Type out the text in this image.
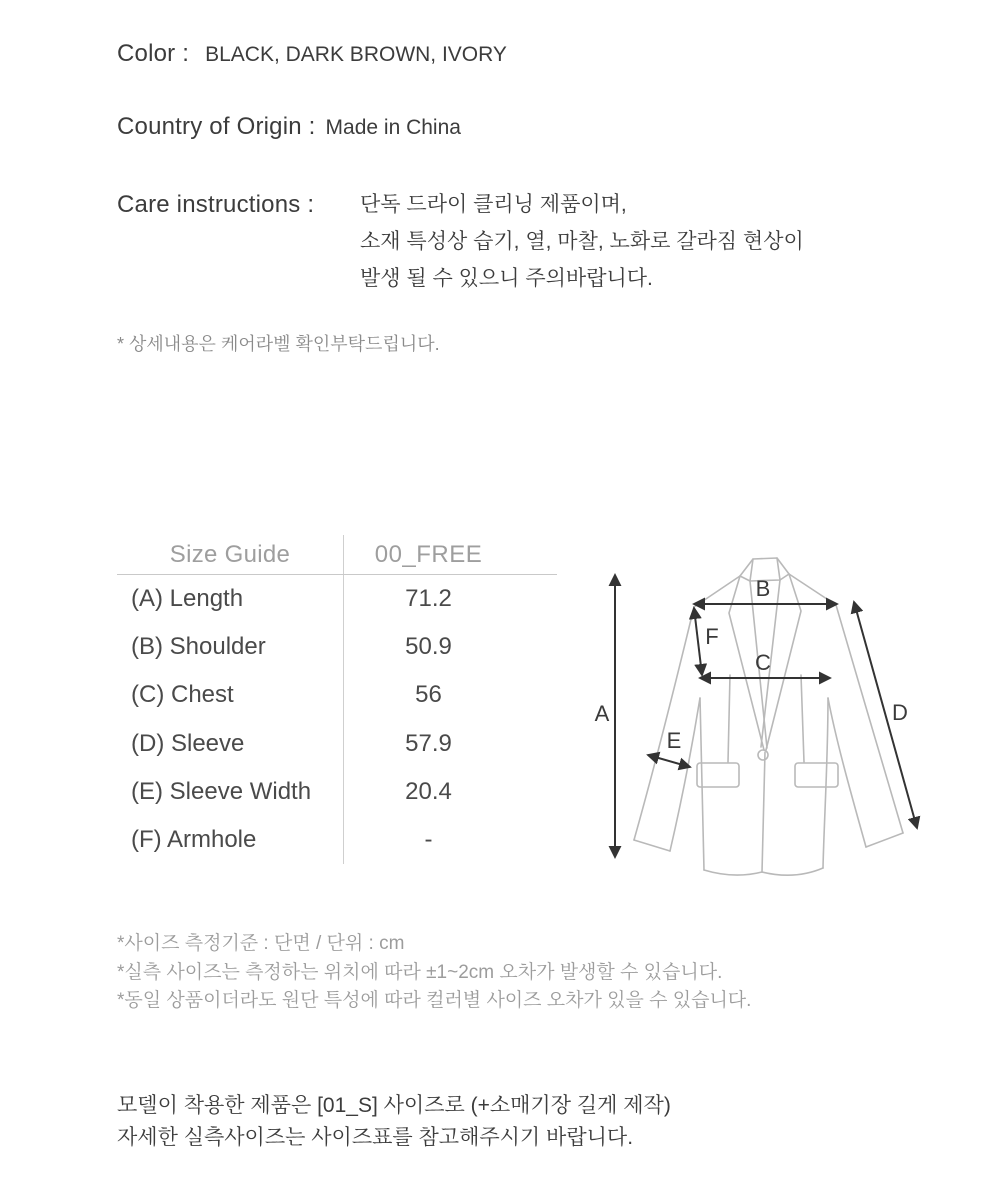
Color : BLACK, DARK BROWN, IVORY
Country of Origin : Made in China
Care instructions :	단독 드라이 클리닝 제품이며,
소재 특성상 습기, 열, 마찰, 노화로 갈라짐 현상이
발생 될 수 있으니 주의바랍니다.
* 상세내용은 케어라벨 확인부탁드립니다.
Size Guide	00_FREE
(A) Length	71.2
(B) Shoulder	50.9
(C) Chest	56
(D) Sleeve	57.9
(E) Sleeve Width	20.4
(F) Armhole	-
A
B
C
D
E
F
*사이즈 측정기준 : 단면 / 단위 : cm
*실측 사이즈는 측정하는 위치에 따라 ±1~2cm 오차가 발생할 수 있습니다.
*동일 상품이더라도 원단 특성에 따라 컬러별 사이즈 오차가 있을 수 있습니다.
모델이 착용한 제품은 [01_S] 사이즈로 (+소매기장 길게 제작)
자세한 실측사이즈는 사이즈표를 참고해주시기 바랍니다.
